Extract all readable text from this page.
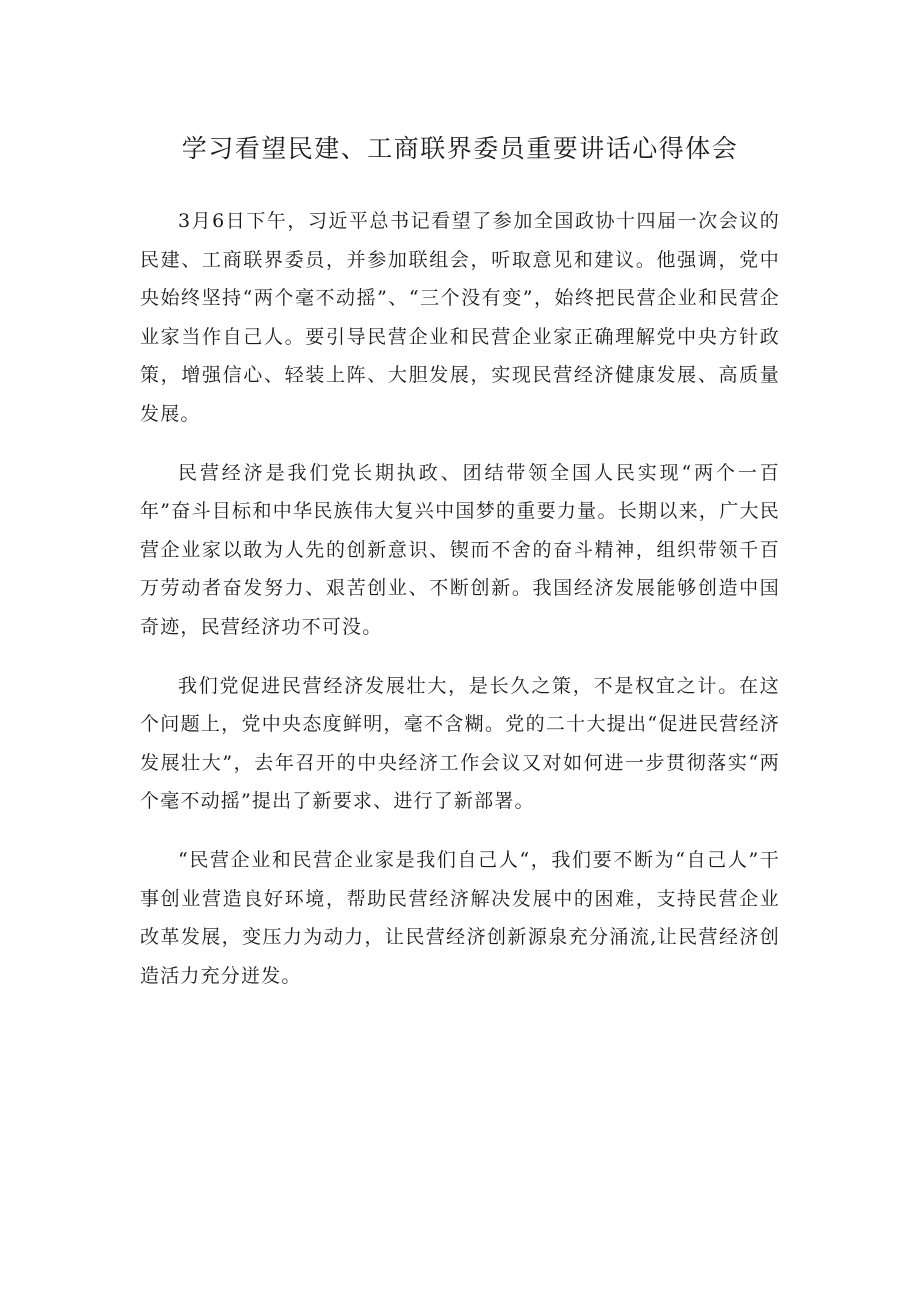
学习看望民建、工商联界委员重要讲话心得体会

3月6日下午，习近平总书记看望了参加全国政协十四届一次会议的民建、工商联界委员，并参加联组会，听取意见和建议。他强调，党中央始终坚持“两个毫不动摇”、“三个没有变”，始终把民营企业和民营企业家当作自己人。要引导民营企业和民营企业家正确理解党中央方针政策，增强信心、轻装上阵、大胆发展，实现民营经济健康发展、高质量发展。

民营经济是我们党长期执政、团结带领全国人民实现“两个一百年”奋斗目标和中华民族伟大复兴中国梦的重要力量。长期以来，广大民营企业家以敢为人先的创新意识、锲而不舍的奋斗精神，组织带领千百万劳动者奋发努力、艰苦创业、不断创新。我国经济发展能够创造中国奇迹，民营经济功不可没。

我们党促进民营经济发展壮大，是长久之策，不是权宜之计。在这个问题上，党中央态度鲜明，毫不含糊。党的二十大提出“促进民营经济发展壮大”，去年召开的中央经济工作会议又对如何进一步贯彻落实“两个毫不动摇”提出了新要求、进行了新部署。

“民营企业和民营企业家是我们自己人“，我们要不断为“自己人”干事创业营造良好环境，帮助民营经济解决发展中的困难，支持民营企业改革发展，变压力为动力，让民营经济创新源泉充分涌流,让民营经济创造活力充分迸发。
